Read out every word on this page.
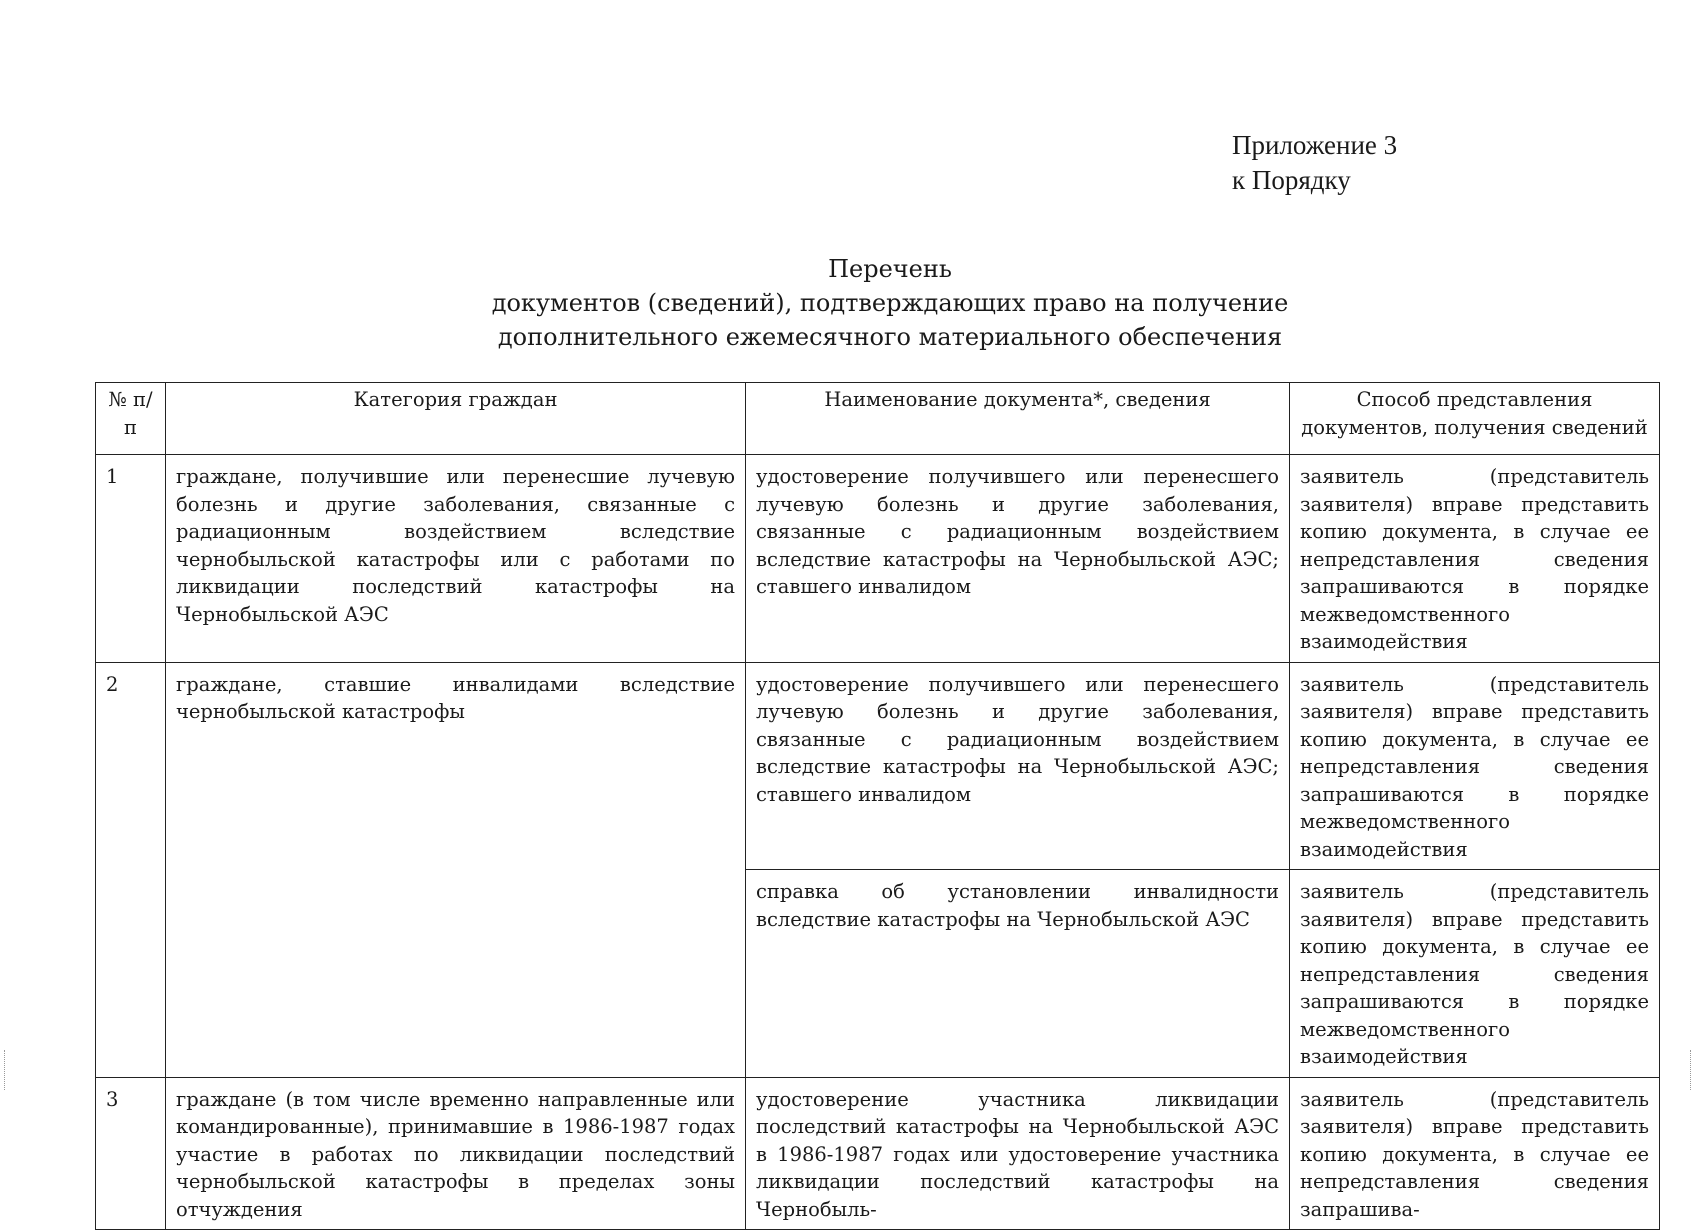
Приложение 3
к Порядку
Перечень
документов (сведений), подтверждающих право на получение
дополнительного ежемесячного материального обеспечения
№ п/п	Категория граждан	Наименование документа*, сведения	Способ представления документов, получения сведений
1	граждане, получившие или перенесшие лучевую болезнь и другие заболевания, связанные с радиационным воздействием вследствие чернобыльской катастрофы или с работами по ликвидации последствий катастрофы на Чернобыльской АЭС	удостоверение получившего или перенесшего лучевую болезнь и другие заболевания, связанные с радиационным воздействием вследствие катастрофы на Чернобыльской АЭС; ставшего инвалидом	заявитель (представитель заявителя) вправе представить копию документа, в случае ее непредставления сведения запрашиваются в порядке межведомственного взаимодействия
2	граждане, ставшие инвалидами вследствие чернобыльской катастрофы	удостоверение получившего или перенесшего лучевую болезнь и другие заболевания, связанные с радиационным воздействием вследствие катастрофы на Чернобыльской АЭС; ставшего инвалидом	заявитель (представитель заявителя) вправе представить копию документа, в случае ее непредставления сведения запрашиваются в порядке межведомственного взаимодействия
		справка об установлении инвалидности вследствие катастрофы на Чернобыльской АЭС	заявитель (представитель заявителя) вправе представить копию документа, в случае ее непредставления сведения запрашиваются в порядке межведомственного взаимодействия
3	граждане (в том числе временно направленные или командированные), принимавшие в 1986-1987 годах участие в работах по ликвидации последствий чернобыльской катастрофы в пределах зоны отчуждения	удостоверение участника ликвидации последствий катастрофы на Чернобыльской АЭС в 1986-1987 годах или удостоверение участника ликвидации последствий катастрофы на Чернобыль-	заявитель (представитель заявителя) вправе представить копию документа, в случае ее непредставления сведения запрашива-
